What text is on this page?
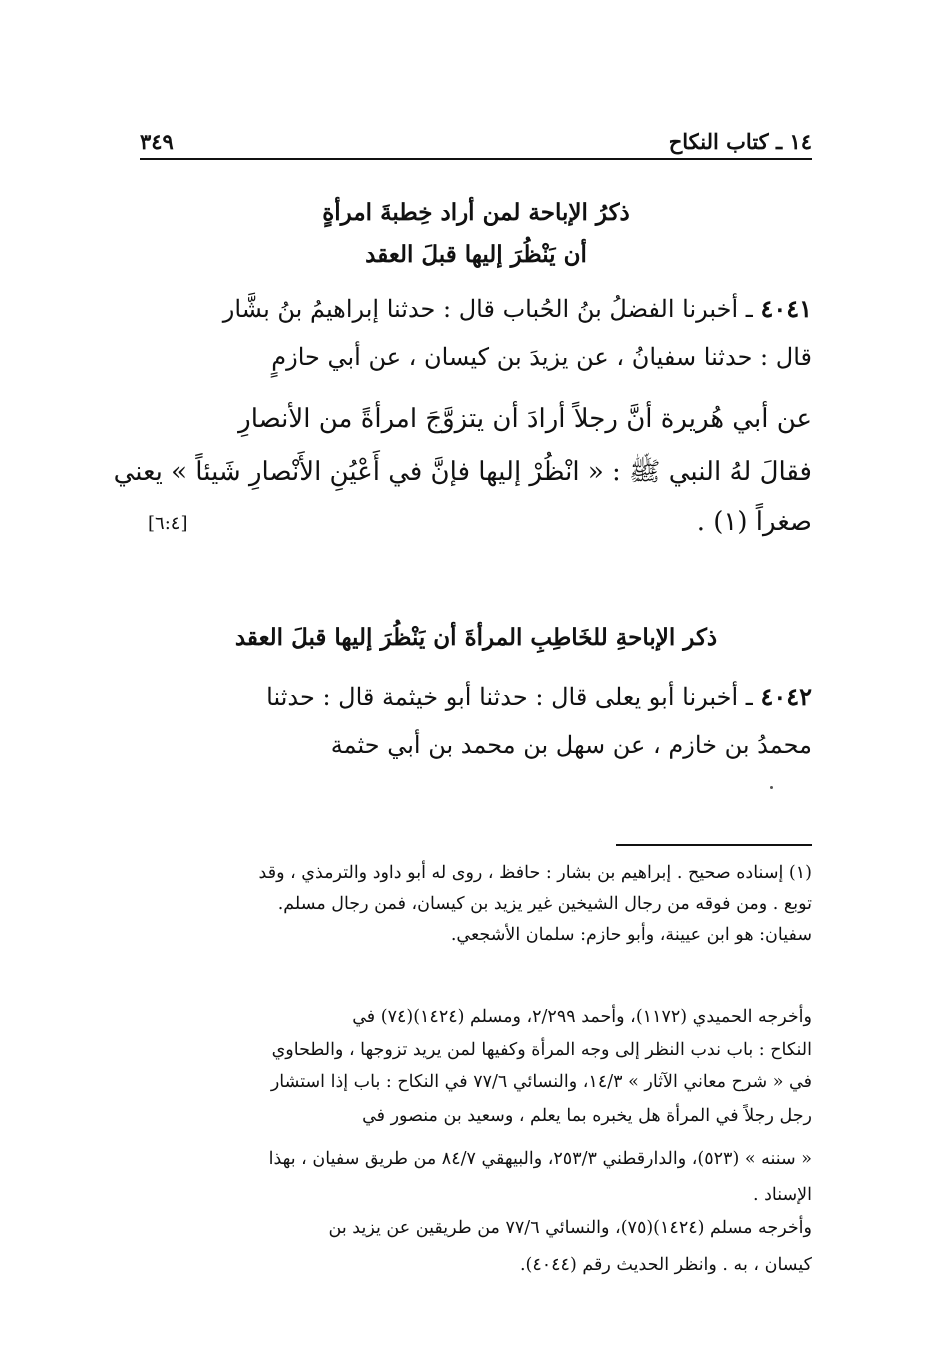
١٤ ـ كتاب النكاح
٣٤٩
ذكرُ الإباحة لمن أراد خِطبةَ امرأةٍ
أن يَنْظُرَ إليها قبلَ العقد
٤٠٤١ ـ أخبرنا الفضلُ بنُ الحُباب قال : حدثنا إبراهيمُ بنُ بشَّار
قال : حدثنا سفيانُ ، عن يزيدَ بن كيسان ، عن أبي حازمٍ
عن أبي هُريرة أنَّ رجلاً أرادَ أن يتزوَّجَ امرأةً من الأنصارِ
فقالَ لهُ النبي ﷺ : « انْظُرْ إليها فإنَّ في أَعْيُنِ الأَنْصارِ شَيئاً » يعني
صغراً (١) .
[٦:٤]
ذكر الإباحةِ للخَاطِبِ المرأةَ أن يَنْظُرَ إليها قبلَ العقد
٤٠٤٢ ـ أخبرنا أبو يعلى قال : حدثنا أبو خيثمة قال : حدثنا
محمدُ بن خازم ، عن سهل بن محمد بن أبي حثمة
(١) إسناده صحيح . إبراهيم بن بشار : حافظ ، روى له أبو داود والترمذي ، وقد
توبع . ومن فوقه من رجال الشيخين غير يزيد بن كيسان، فمن رجال مسلم.
سفيان: هو ابن عيينة، وأبو حازم: سلمان الأشجعي.
وأخرجه الحميدي (١١٧٢)، وأحمد ٢/٢٩٩، ومسلم (١٤٢٤)(٧٤) في
النكاح : باب ندب النظر إلى وجه المرأة وكفيها لمن يريد تزوجها ، والطحاوي
في « شرح معاني الآثار » ١٤/٣، والنسائي ٧٧/٦ في النكاح : باب إذا استشار
رجل رجلاً في المرأة هل يخبره بما يعلم ، وسعيد بن منصور في
« سننه » (٥٢٣)، والدارقطني ٢٥٣/٣، والبيهقي ٨٤/٧ من طريق سفيان ، بهذا
الإسناد .
وأخرجه مسلم (١٤٢٤)(٧٥)، والنسائي ٧٧/٦ من طريقين عن يزيد بن
كيسان ، به . وانظر الحديث رقم (٤٠٤٤).
